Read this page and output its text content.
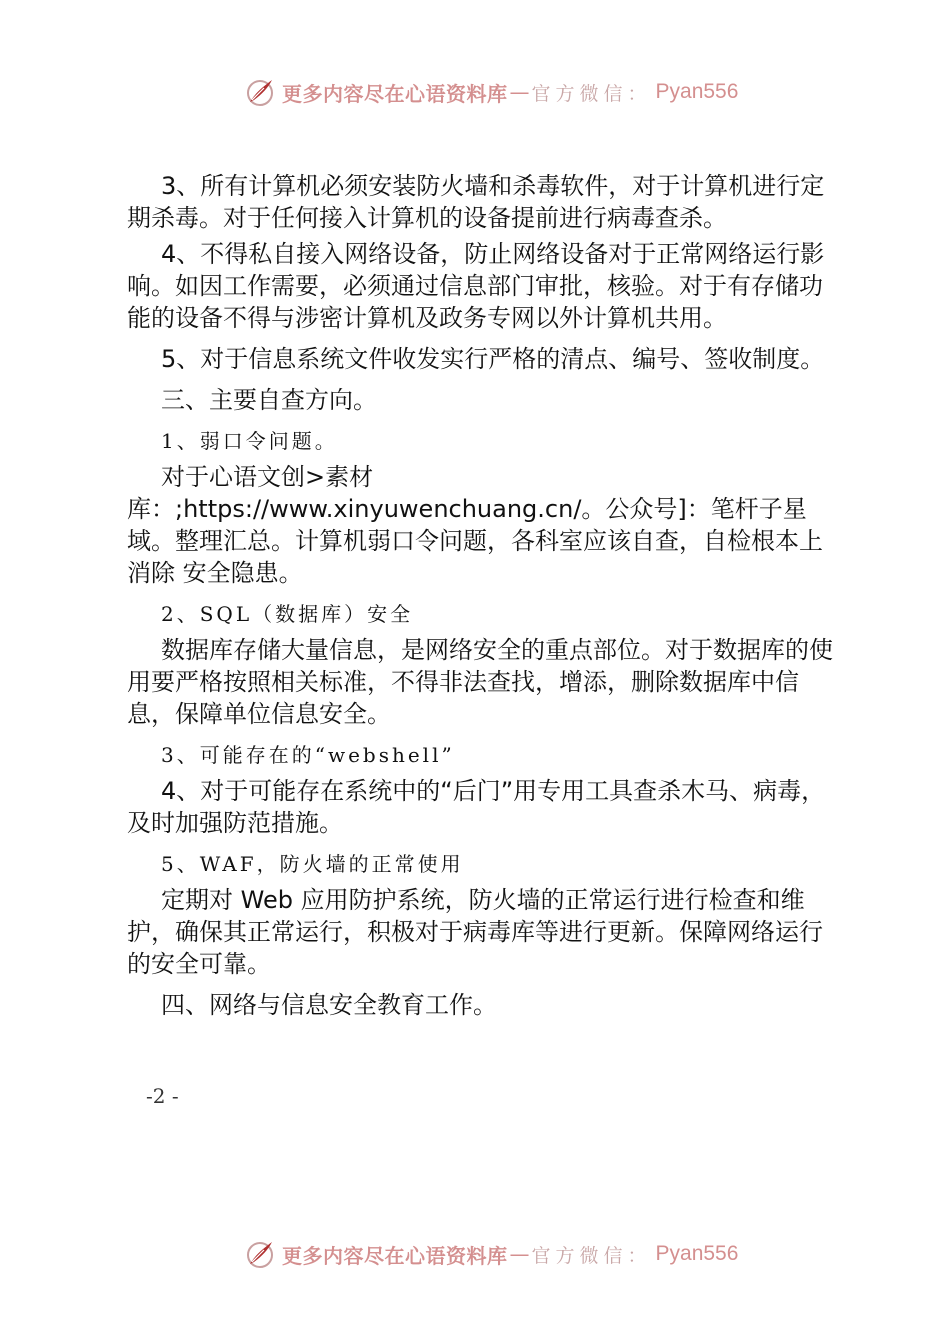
更多内容尽在心语资料库 — 官方微信： Pyan556

3、所有计算机必须安装防火墙和杀毒软件，对于计算机进行定期杀毒。对于任何接入计算机的设备提前进行病毒查杀。

4、不得私自接入网络设备，防止网络设备对于正常网络运行影响。如因工作需要，必须通过信息部门审批，核验。对于有存储功能的设备不得与涉密计算机及政务专网以外计算机共用。

5、对于信息系统文件收发实行严格的清点、编号、签收制度。

三、主要自查方向。

1、弱口令问题。

对于心语文创>素材库：;https://www.xinyuwenchuang.cn/。公众号]：笔杆子星域。整理汇总。计算机弱口令问题，各科室应该自查，自检根本上消除 安全隐患。

2、SQL（数据库）安全

数据库存储大量信息，是网络安全的重点部位。对于数据库的使用要严格按照相关标准，不得非法查找，增添，删除数据库中信息，保障单位信息安全。

3、可能存在的“webshell”

4、对于可能存在系统中的“后门”用专用工具查杀木马、病毒，及时加强防范措施。

5、WAF，防火墙的正常使用

定期对 Web 应用防护系统，防火墙的正常运行进行检查和维护，确保其正常运行，积极对于病毒库等进行更新。保障网络运行的安全可靠。

四、网络与信息安全教育工作。

-2 -
更多内容尽在心语资料库 — 官方微信： Pyan556
